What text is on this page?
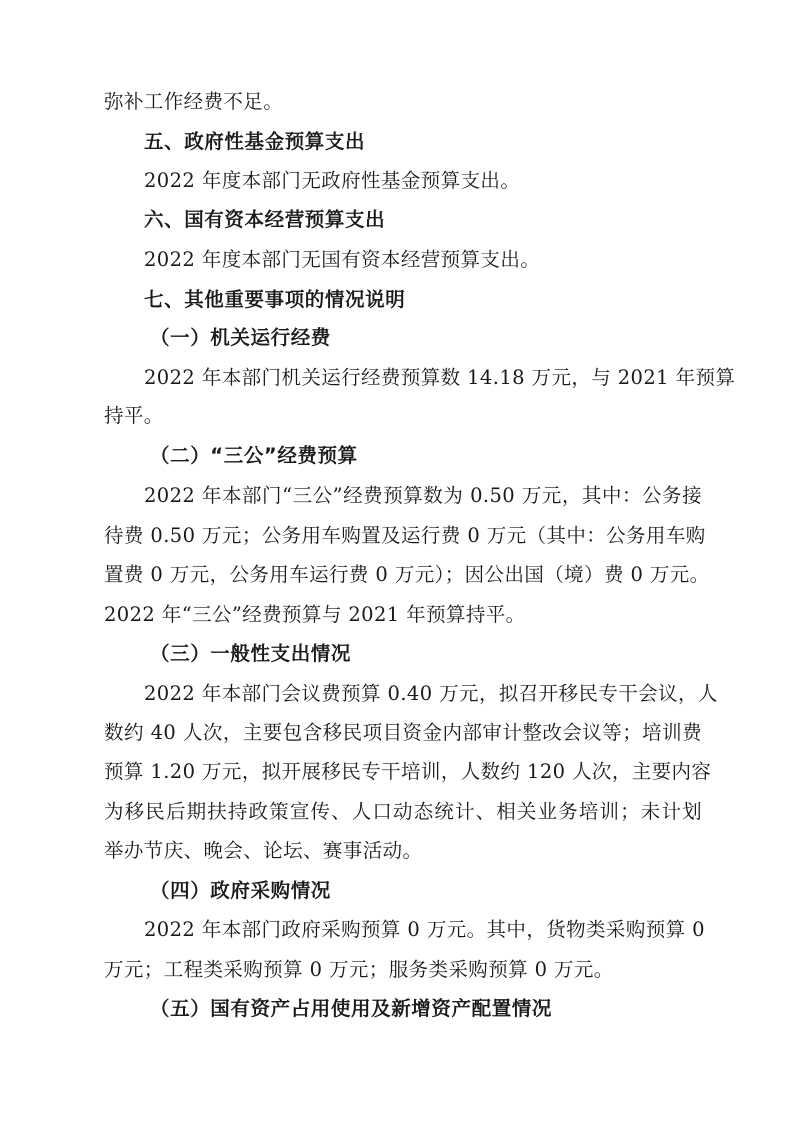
弥补工作经费不足。
五、政府性基金预算支出
2022 年度本部门无政府性基金预算支出。
六、国有资本经营预算支出
2022 年度本部门无国有资本经营预算支出。
七、其他重要事项的情况说明
（一）机关运行经费
2022 年本部门机关运行经费预算数 14.18 万元，与 2021 年预算
持平。
（二）“三公”经费预算
2022 年本部门“三公”经费预算数为 0.50 万元，其中：公务接
待费 0.50 万元；公务用车购置及运行费 0 万元（其中：公务用车购
置费 0 万元，公务用车运行费 0 万元）；因公出国（境）费 0 万元。
2022 年“三公”经费预算与 2021 年预算持平。
（三）一般性支出情况
2022 年本部门会议费预算 0.40 万元，拟召开移民专干会议，人
数约 40 人次，主要包含移民项目资金内部审计整改会议等；培训费
预算 1.20 万元，拟开展移民专干培训，人数约 120 人次，主要内容
为移民后期扶持政策宣传、人口动态统计、相关业务培训；未计划
举办节庆、晚会、论坛、赛事活动。
（四）政府采购情况
2022 年本部门政府采购预算 0 万元。其中，货物类采购预算 0
万元；工程类采购预算 0 万元；服务类采购预算 0 万元。
（五）国有资产占用使用及新增资产配置情况
